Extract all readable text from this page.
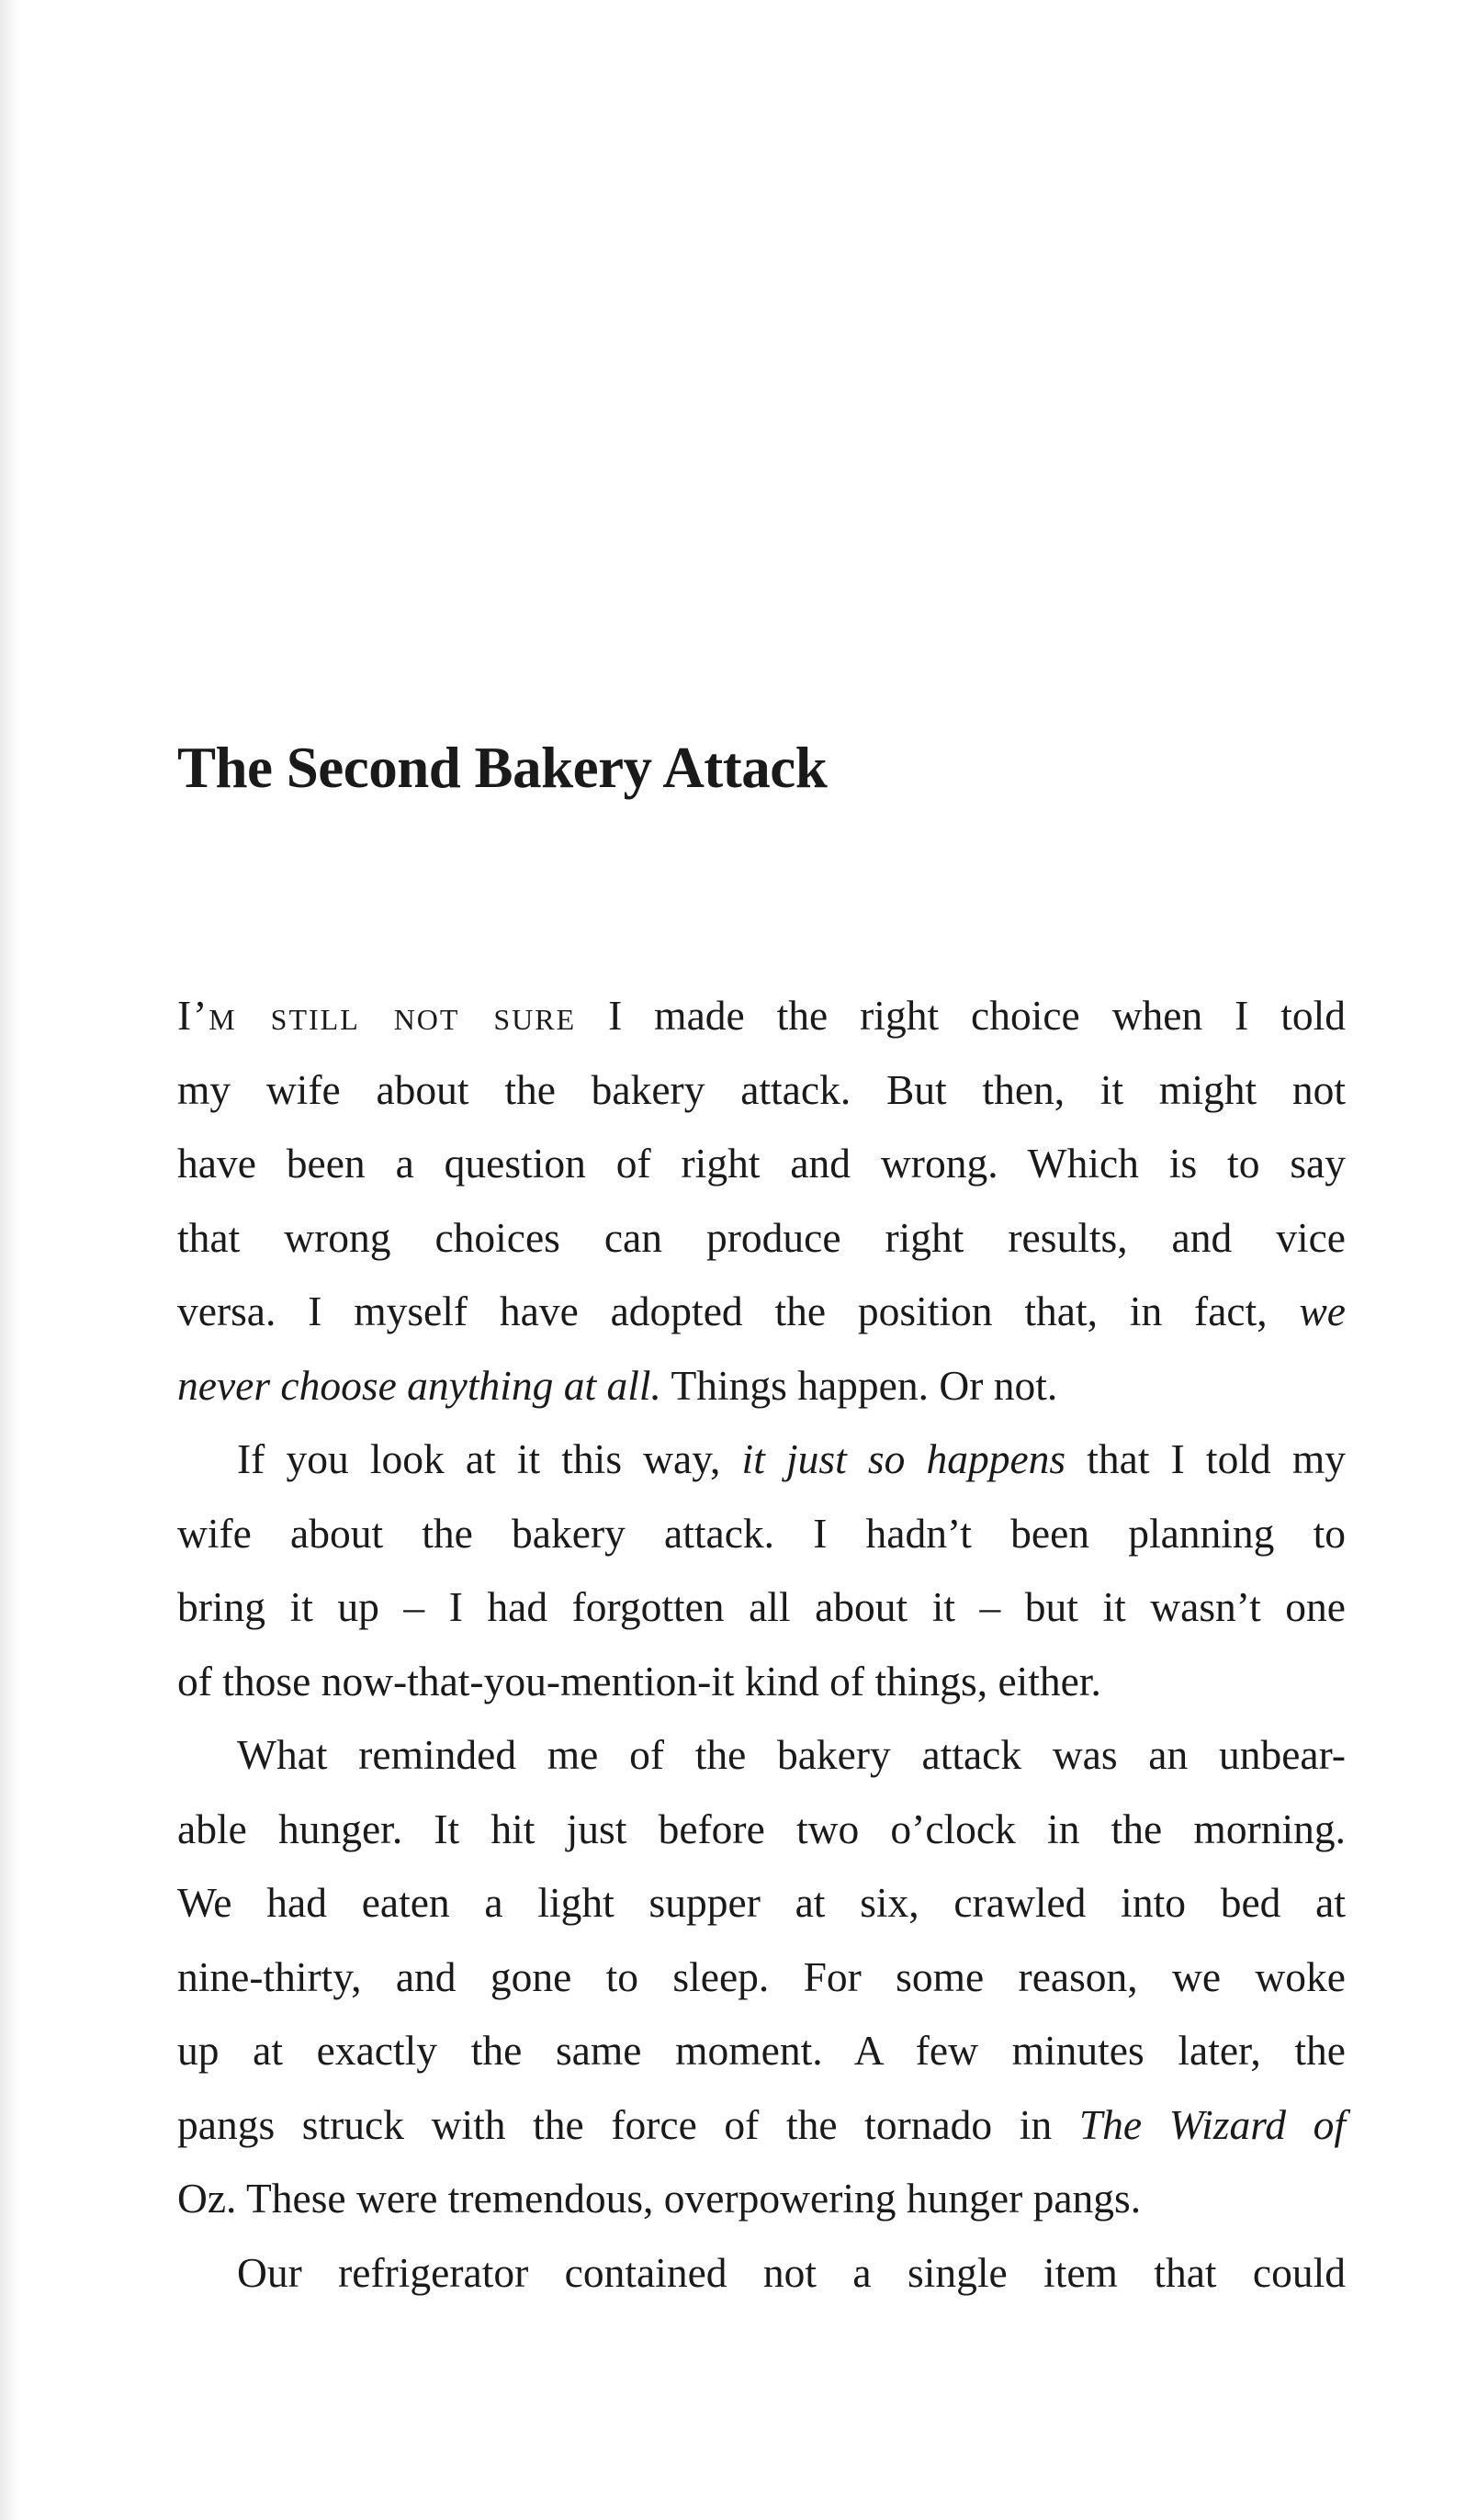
The Second Bakery Attack
I’m still not sure I made the right choice when I told
my wife about the bakery attack. But then, it might not
have been a question of right and wrong. Which is to say
that wrong choices can produce right results, and vice
versa. I myself have adopted the position that, in fact, we
never choose anything at all. Things happen. Or not.
If you look at it this way, it just so happens that I told my
wife about the bakery attack. I hadn’t been planning to
bring it up – I had forgotten all about it – but it wasn’t one
of those now-that-you-mention-it kind of things, either.
What reminded me of the bakery attack was an unbear-
able hunger. It hit just before two o’clock in the morning.
We had eaten a light supper at six, crawled into bed at
nine-thirty, and gone to sleep. For some reason, we woke
up at exactly the same moment. A few minutes later, the
pangs struck with the force of the tornado in The Wizard of
Oz. These were tremendous, overpowering hunger pangs.
Our refrigerator contained not a single item that could
